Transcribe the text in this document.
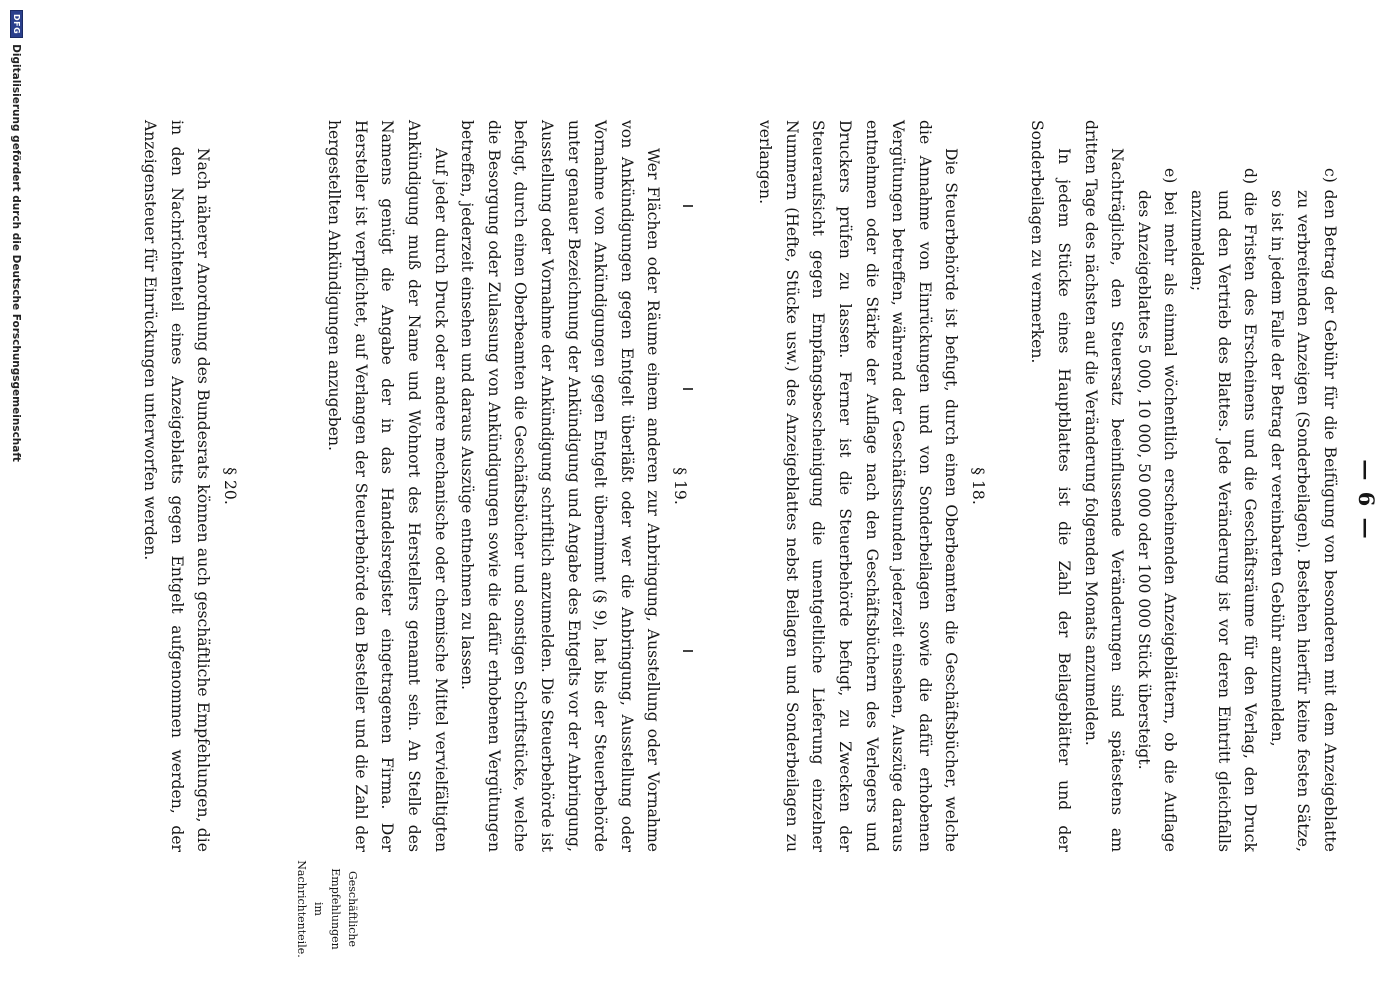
— 6 —

c) den Betrag der Gebühr für die Beifügung von besonderen mit dem Anzeigeblatte zu verbreitenden Anzeigen (Sonderbeilagen). Bestehen hierfür keine festen Sätze, so ist in jedem Falle der Betrag der vereinbarten Gebühr anzumelden,

d) die Fristen des Erscheinens und die Geschäftsräume für den Verlag, den Druck und den Vertrieb des Blattes. Jede Veränderung ist vor deren Eintritt gleichfalls anzumelden;

e) bei mehr als einmal wöchentlich erscheinenden Anzeigeblättern, ob die Auflage des Anzeigeblattes 5 000, 10 000, 50 000 oder 100 000 Stück übersteigt.

Nachträgliche, den Steuersatz beeinflussende Veränderungen sind spätestens am dritten Tage des nächsten auf die Veränderung folgenden Monats anzumelden.

In jedem Stücke eines Hauptblattes ist die Zahl der Beilageblätter und der Sonderbeilagen zu vermerken.

§ 18.

Die Steuerbehörde ist befugt, durch einen Oberbeamten die Geschäftsbücher, welche die Annahme von Einrückungen und von Sonderbeilagen sowie die dafür erhobenen Vergütungen betreffen, während der Geschäftsstunden jederzeit einsehen, Auszüge daraus entnehmen oder die Stärke der Auflage nach den Geschäftsbüchern des Verlegers und Druckers prüfen zu lassen. Ferner ist die Steuerbehörde befugt, zu Zwecken der Steueraufsicht gegen Empfangsbescheinigung die unentgeltliche Lieferung einzelner Nummern (Hefte, Stücke usw.) des Anzeigeblattes nebst Beilagen und Sonderbeilagen zu verlangen.

§ 19.

Wer Flächen oder Räume einem anderen zur Anbringung, Ausstellung oder Vornahme von Ankündigungen gegen Entgelt überläßt oder wer die Anbringung, Ausstellung oder Vornahme von Ankündigungen gegen Entgelt übernimmt (§ 9), hat bis der Steuerbehörde unter genauer Bezeichnung der Ankündigung und Angabe des Entgelts vor der Anbringung, Ausstellung oder Vornahme der Ankündigung schriftlich anzumelden. Die Steuerbehörde ist befugt, durch einen Oberbeamten die Geschäftsbücher und sonstigen Schriftstücke, welche die Besorgung oder Zulassung von Ankündigungen sowie die dafür erhobenen Vergütungen betreffen, jederzeit einsehen und daraus Auszüge entnehmen zu lassen.

Auf jeder durch Druck oder andere mechanische oder chemische Mittel vervielfältigten Ankündigung muß der Name und Wohnort des Herstellers genannt sein. An Stelle des Namens genügt die Angabe der in das Handelsregister eingetragenen Firma. Der Hersteller ist verpflichtet, auf Verlangen der Steuerbehörde den Besteller und die Zahl der hergestellten Ankündigungen anzugeben.

§ 20.

Nach näherer Anordnung des Bundesrats können auch geschäftliche Empfehlungen, die in den Nachrichtenteil eines Anzeigeblatts gegen Entgelt aufgenommen werden, der Anzeigensteuer für Einrückungen unterworfen werden.

Geschäftliche Empfehlungen im Nachrichtenteile.
DFG
Digitalisierung gefördert durch die Deutsche Forschungsgemeinschaft
